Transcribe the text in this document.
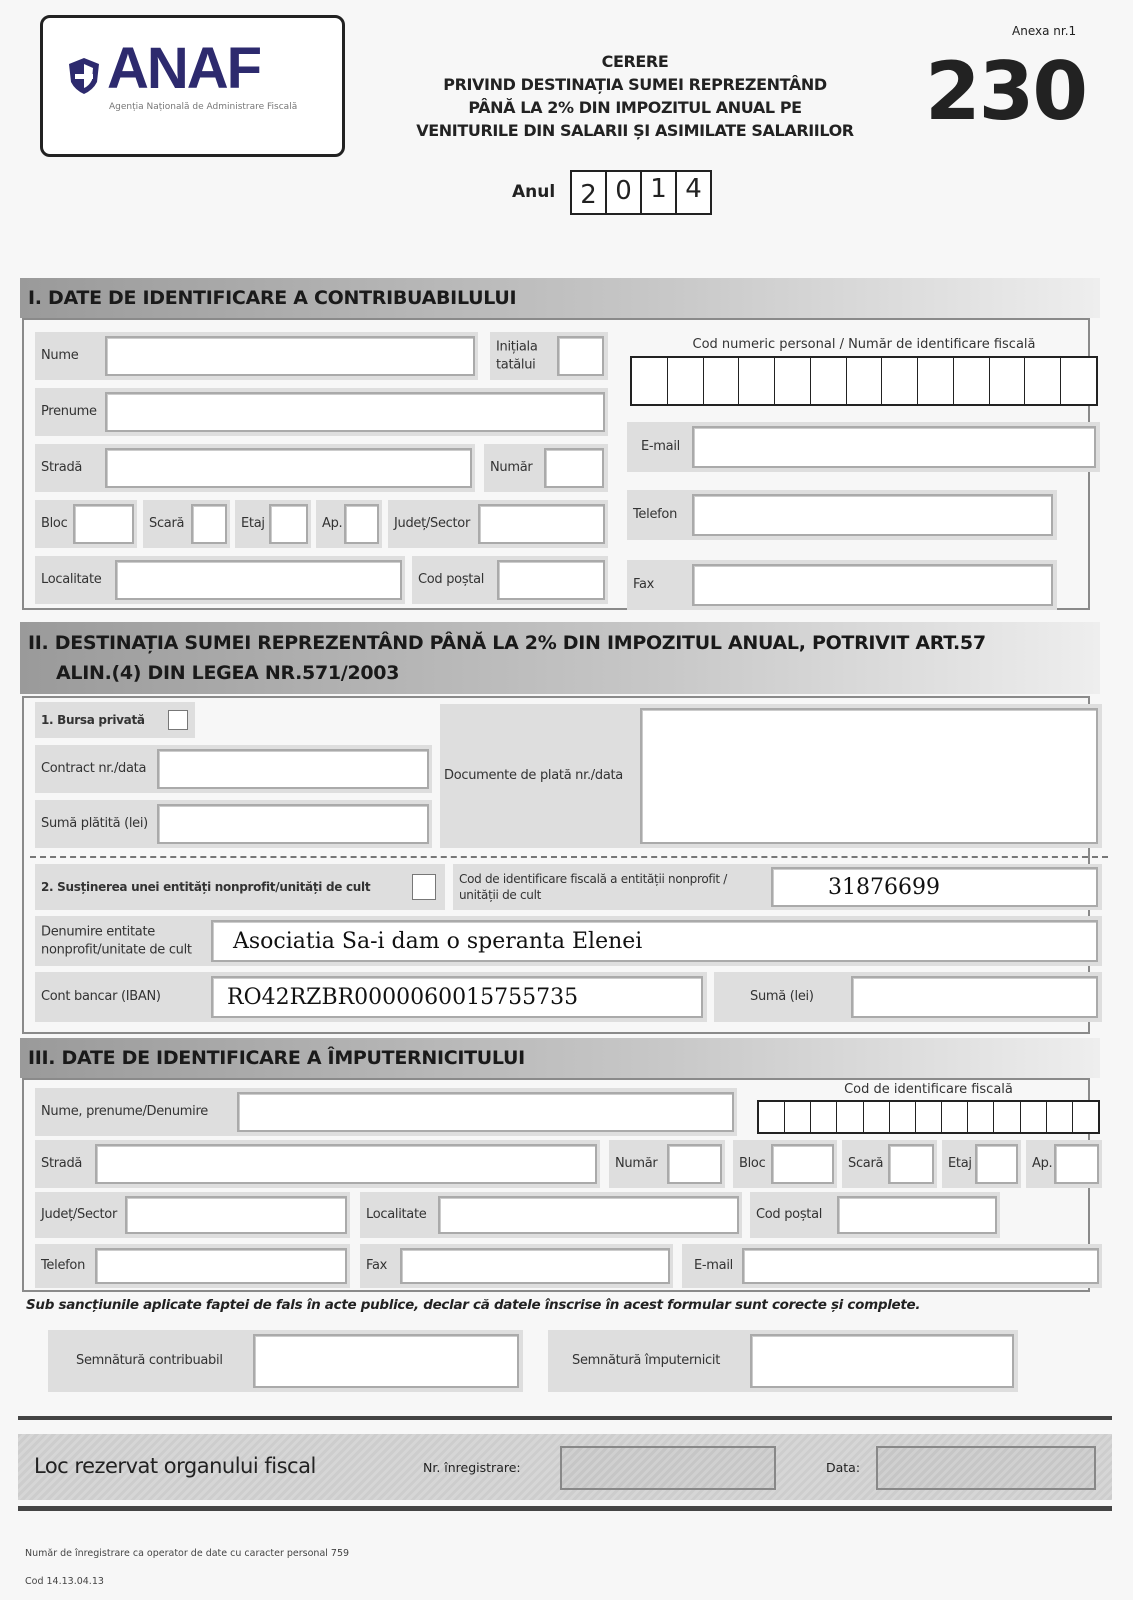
ANAF
Agenția Națională de Administrare Fiscală
Anexa nr.1
230
CERERE
PRIVIND DESTINAȚIA SUMEI REPREZENTÂND
PÂNĂ LA 2% DIN IMPOZITUL ANUAL PE
VENITURILE DIN SALARII ȘI ASIMILATE SALARIILOR
Anul 2 0 1 4
I. DATE DE IDENTIFICARE A CONTRIBUABILULUI
Nume
Inițiala tatălui
Prenume
Stradă	Număr
Bloc	Scară	Etaj	Ap.	Județ/Sector
Localitate	Cod poștal
Cod numeric personal / Număr de identificare fiscală
E-mail
Telefon
Fax
II. DESTINAȚIA SUMEI REPREZENTÂND PÂNĂ LA 2% DIN IMPOZITUL ANUAL, POTRIVIT ART.57
ALIN.(4) DIN LEGEA NR.571/2003
1. Bursa privată
Contract nr./data
Sumă plătită (lei)
Documente de plată nr./data
2. Susținerea unei entități nonprofit/unități de cult
Cod de identificare fiscală a entității nonprofit / unității de cult	31876699
Denumire entitate nonprofit/unitate de cult	Asociatia Sa-i dam o speranta Elenei
Cont bancar (IBAN)	RO42RZBR0000060015755735	Sumă (lei)
III. DATE DE IDENTIFICARE A ÎMPUTERNICITULUI
Nume, prenume/Denumire
Cod de identificare fiscală
Stradă	Număr	Bloc	Scară	Etaj	Ap.
Județ/Sector	Localitate	Cod poștal
Telefon	Fax	E-mail
Sub sancțiunile aplicate faptei de fals în acte publice, declar că datele înscrise în acest formular sunt corecte și complete.
Semnătură contribuabil	Semnătură împuternicit
Loc rezervat organului fiscal	Nr. înregistrare:	Data:
Număr de înregistrare ca operator de date cu caracter personal 759
Cod 14.13.04.13
